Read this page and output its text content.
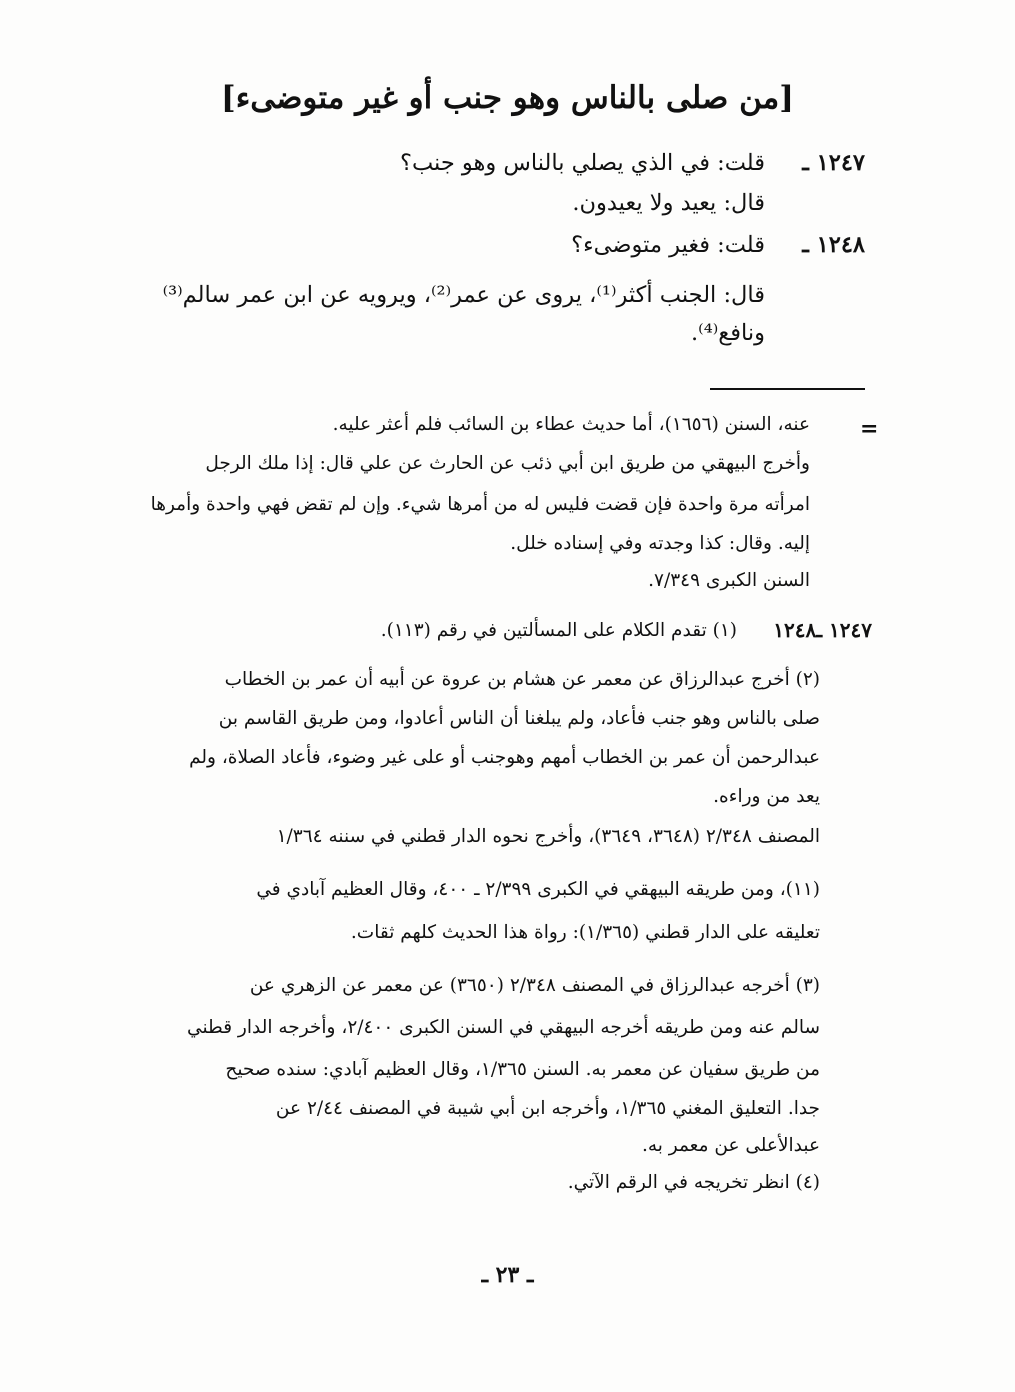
[من صلى بالناس وهو جنب أو غير متوضىء]
١٢٤٧ ـ
قلت: في الذي يصلي بالناس وهو جنب؟
قال: يعيد ولا يعيدون.
١٢٤٨ ـ
قلت: فغير متوضىء؟
قال: الجنب أكثر⁽¹⁾، يروى عن عمر⁽²⁾، ويرويه عن ابن عمر سالم⁽³⁾
ونافع⁽⁴⁾.
=
عنه، السنن (١٦٥٦)، أما حديث عطاء بن السائب فلم أعثر عليه.
وأخرج البيهقي من طريق ابن أبي ذئب عن الحارث عن علي قال: إذا ملك الرجل
امرأته مرة واحدة فإن قضت فليس له من أمرها شيء. وإن لم تقض فهي واحدة وأمرها
إليه. وقال: كذا وجدته وفي إسناده خلل.
السنن الكبرى ٧/٣٤٩.
١٢٤٧ ـ١٢٤٨
(١) تقدم الكلام على المسألتين في رقم (١١٣).
(٢) أخرج عبدالرزاق عن معمر عن هشام بن عروة عن أبيه أن عمر بن الخطاب
صلى بالناس وهو جنب فأعاد، ولم يبلغنا أن الناس أعادوا، ومن طريق القاسم بن
عبدالرحمن أن عمر بن الخطاب أمهم وهوجنب أو على غير وضوء، فأعاد الصلاة، ولم
يعد من وراءه.
المصنف ٢/٣٤٨ (٣٦٤٨، ٣٦٤٩)، وأخرج نحوه الدار قطني في سننه ١/٣٦٤
(١١)، ومن طريقه البيهقي في الكبرى ٢/٣٩٩ ـ ٤٠٠، وقال العظيم آبادي في
تعليقه على الدار قطني (١/٣٦٥): رواة هذا الحديث كلهم ثقات.
(٣) أخرجه عبدالرزاق في المصنف ٢/٣٤٨ (٣٦٥٠) عن معمر عن الزهري عن
سالم عنه ومن طريقه أخرجه البيهقي في السنن الكبرى ٢/٤٠٠، وأخرجه الدار قطني
من طريق سفيان عن معمر به. السنن ١/٣٦٥، وقال العظيم آبادي: سنده صحيح
جدا. التعليق المغني ١/٣٦٥، وأخرجه ابن أبي شيبة في المصنف ٢/٤٤ عن
عبدالأعلى عن معمر به.
(٤) انظر تخريجه في الرقم الآتي.
ـ ٢٣ ـ
